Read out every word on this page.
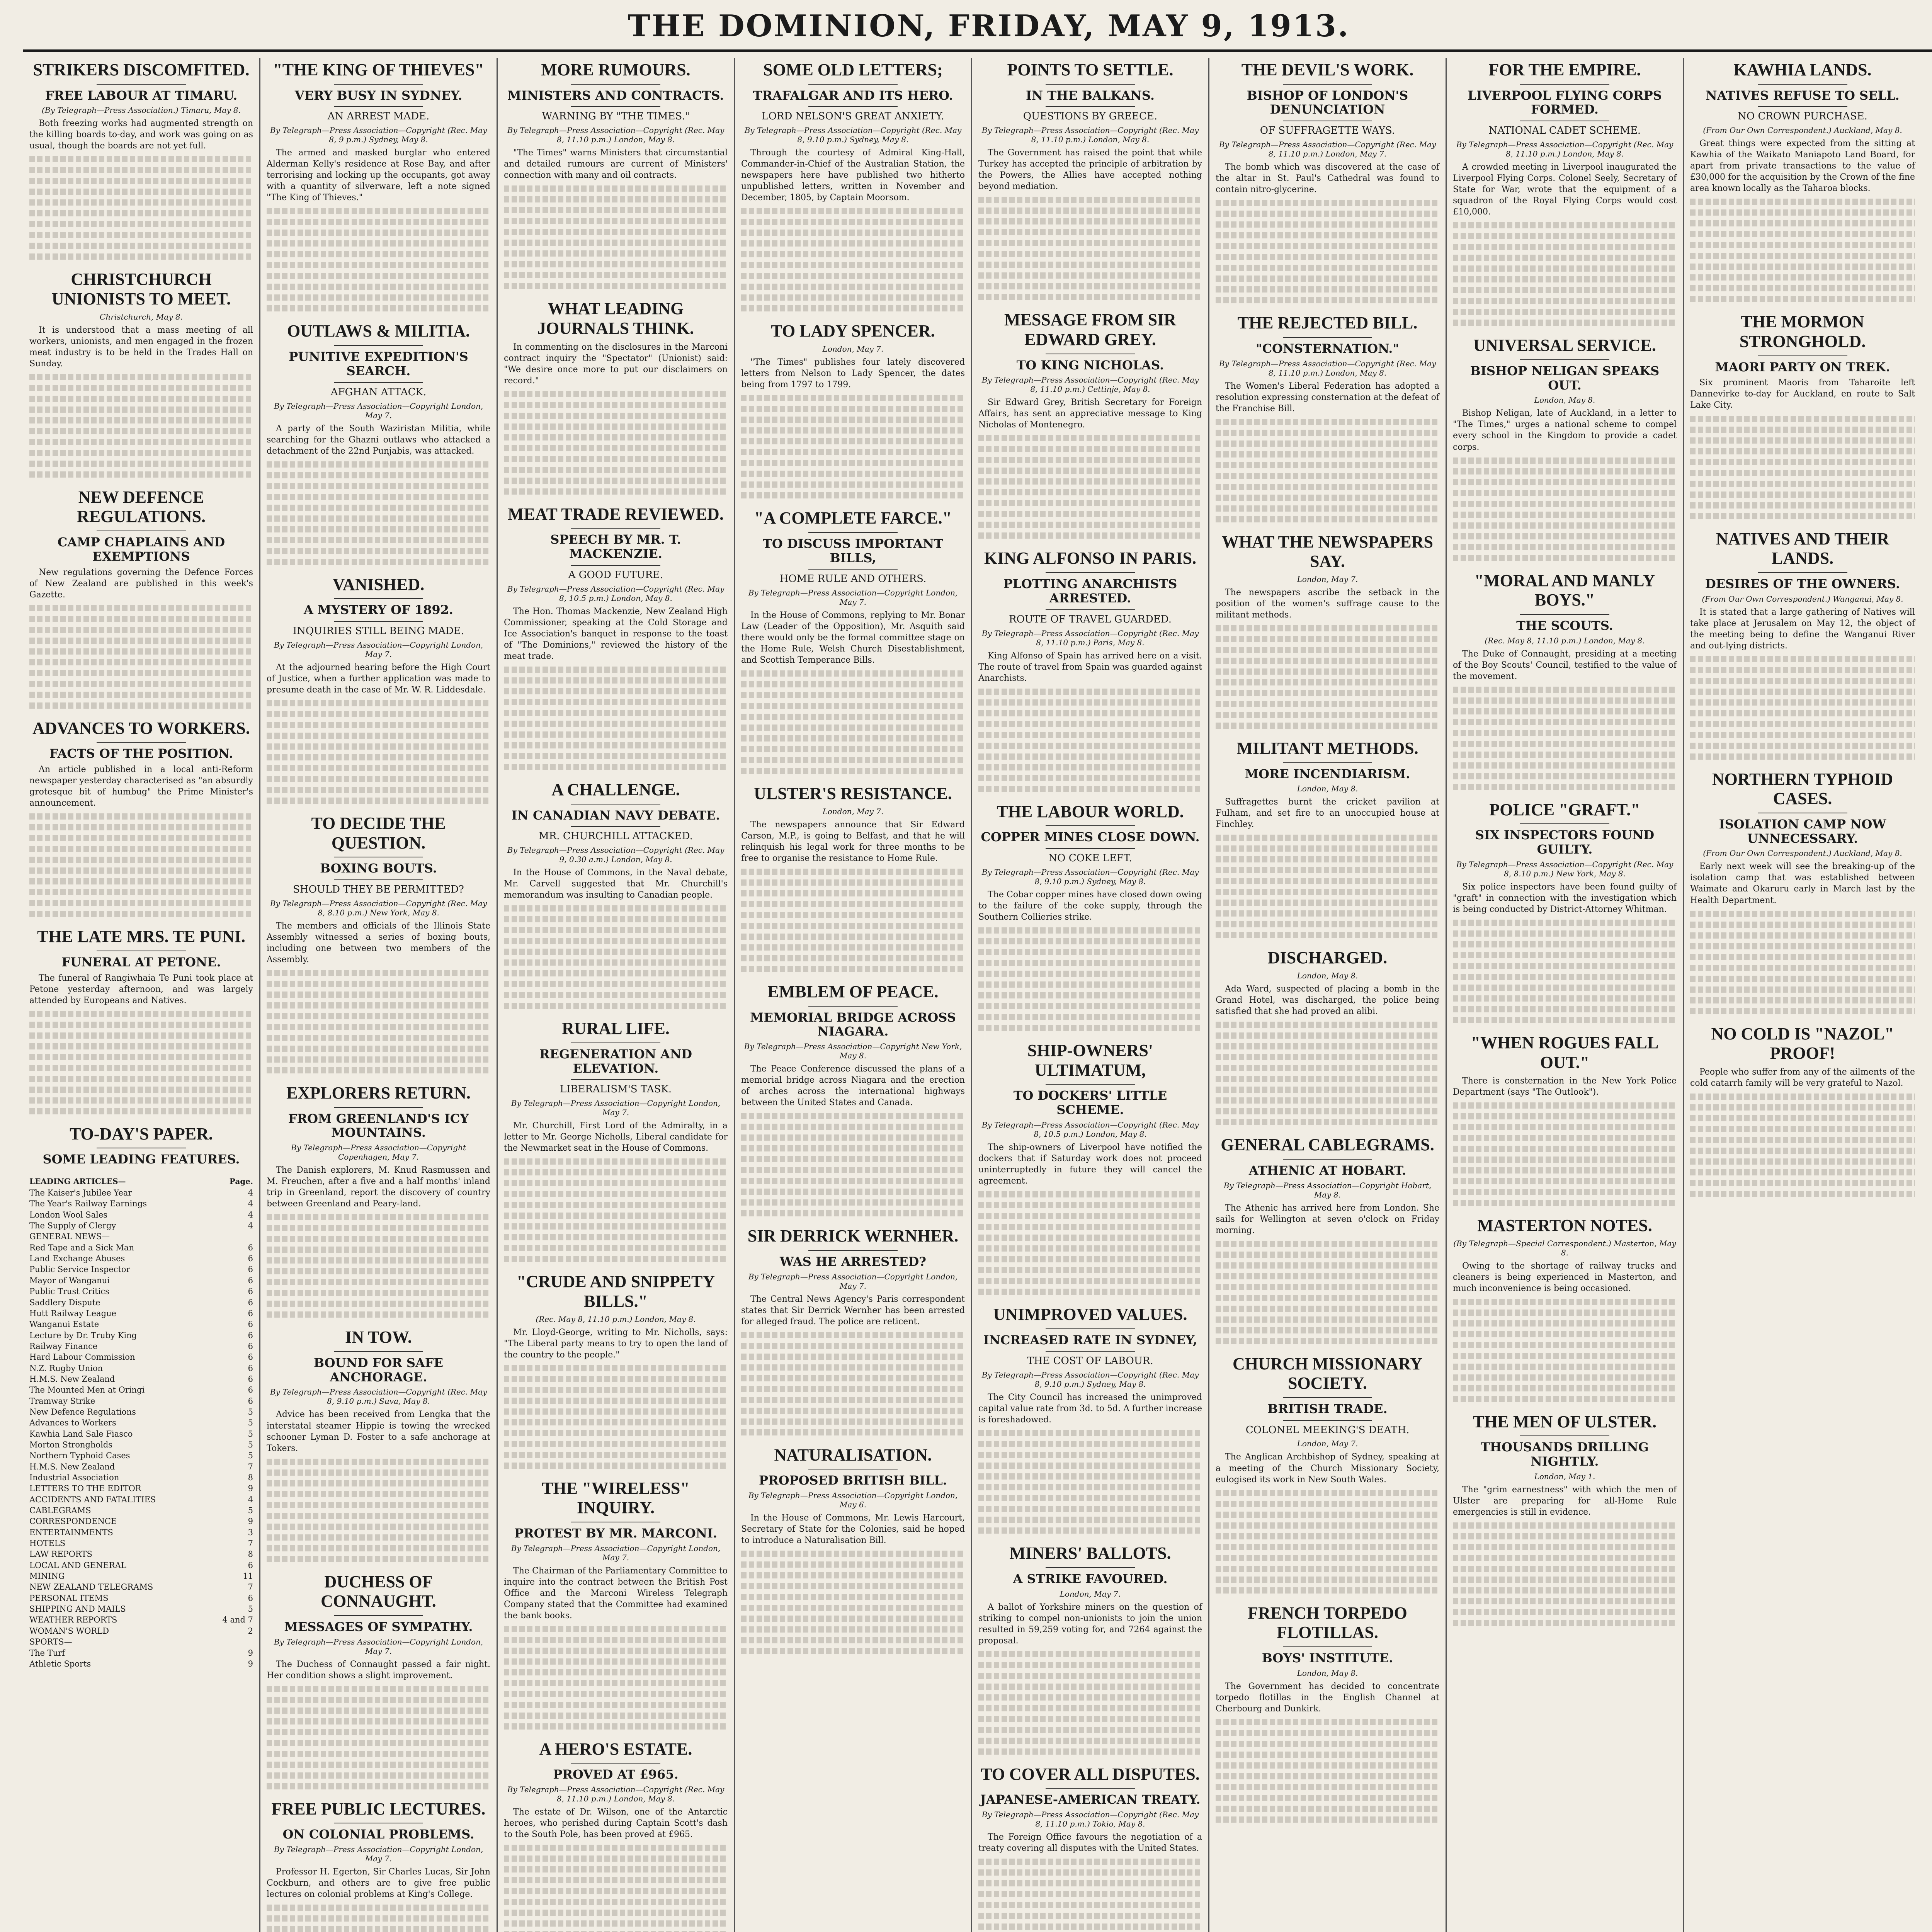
THE DOMINION, FRIDAY, MAY 9, 1913.
STRIKERS DISCOMFITED.
FREE LABOUR AT TIMARU.
(By Telegraph—Press Association.) Timaru, May 8.

Both freezing works had augmented strength on the killing boards to-day, and work was going on as usual, though the boards are not yet full.

CHRISTCHURCH UNIONISTS TO MEET.
Christchurch, May 8.

It is understood that a mass meeting of all workers, unionists, and men engaged in the frozen meat industry is to be held in the Trades Hall on Sunday.

NEW DEFENCE REGULATIONS.
CAMP CHAPLAINS AND EXEMPTIONS

New regulations governing the Defence Forces of New Zealand are published in this week's Gazette.

ADVANCES TO WORKERS.
FACTS OF THE POSITION.

An article published in a local anti-Reform newspaper yesterday characterised as "an absurdly grotesque bit of humbug" the Prime Minister's announcement.

THE LATE MRS. TE PUNI.
FUNERAL AT PETONE.

The funeral of Rangiwhaia Te Puni took place at Petone yesterday afternoon, and was largely attended by Europeans and Natives.

TO-DAY'S PAPER.
SOME LEADING FEATURES.
LEADING ARTICLES—	Page.
The Kaiser's Jubilee Year	4
The Year's Railway Earnings	4
London Wool Sales	4
The Supply of Clergy	4
GENERAL NEWS—
Red Tape and a Sick Man	6
Land Exchange Abuses	6
Public Service Inspector	6
Mayor of Wanganui	6
Public Trust Critics	6
Saddlery Dispute	6
Hutt Railway League	6
Wanganui Estate	6
Lecture by Dr. Truby King	6
Railway Finance	6
Hard Labour Commission	6
N.Z. Rugby Union	6
H.M.S. New Zealand	6
The Mounted Men at Oringi	6
Tramway Strike	6
New Defence Regulations	5
Advances to Workers	5
Kawhia Land Sale Fiasco	5
Morton Strongholds	5
Northern Typhoid Cases	5
H.M.S. New Zealand	7
Industrial Association	8
LETTERS TO THE EDITOR	9
ACCIDENTS AND FATALITIES	4
CABLEGRAMS	5
CORRESPONDENCE	9
ENTERTAINMENTS	3
HOTELS	7
LAW REPORTS	8
LOCAL AND GENERAL	6
MINING	11
NEW ZEALAND TELEGRAMS	7
PERSONAL ITEMS	6
SHIPPING AND MAILS	5
WEATHER REPORTS	4 and 7
WOMAN'S WORLD	2
SPORTS—
The Turf	9
Athletic Sports	9
"THE KING OF THIEVES"
VERY BUSY IN SYDNEY.
AN ARREST MADE.
By Telegraph—Press Association—Copyright (Rec. May 8, 9 p.m.) Sydney, May 8.

The armed and masked burglar who entered Alderman Kelly's residence at Rose Bay, and after terrorising and locking up the occupants, got away with a quantity of silverware, left a note signed "The King of Thieves."

OUTLAWS & MILITIA.
PUNITIVE EXPEDITION'S SEARCH.
AFGHAN ATTACK.
By Telegraph—Press Association—Copyright London, May 7.

A party of the South Waziristan Militia, while searching for the Ghazni outlaws who attacked a detachment of the 22nd Punjabis, was attacked.

VANISHED.
A MYSTERY OF 1892.
INQUIRIES STILL BEING MADE.
By Telegraph—Press Association—Copyright London, May 7.

At the adjourned hearing before the High Court of Justice, when a further application was made to presume death in the case of Mr. W. R. Liddesdale.

TO DECIDE THE QUESTION.
BOXING BOUTS.
SHOULD THEY BE PERMITTED?
By Telegraph—Press Association—Copyright (Rec. May 8, 8.10 p.m.) New York, May 8.

The members and officials of the Illinois State Assembly witnessed a series of boxing bouts, including one between two members of the Assembly.

EXPLORERS RETURN.
FROM GREENLAND'S ICY MOUNTAINS.
By Telegraph—Press Association—Copyright Copenhagen, May 7.

The Danish explorers, M. Knud Rasmussen and M. Freuchen, after a five and a half months' inland trip in Greenland, report the discovery of country between Greenland and Peary-land.

IN TOW.
BOUND FOR SAFE ANCHORAGE.
By Telegraph—Press Association—Copyright (Rec. May 8, 9.10 p.m.) Suva, May 8.

Advice has been received from Lengka that the interstatal steamer Hippie is towing the wrecked schooner Lyman D. Foster to a safe anchorage at Tokers.

DUCHESS OF CONNAUGHT.
MESSAGES OF SYMPATHY.
By Telegraph—Press Association—Copyright London, May 7.

The Duchess of Connaught passed a fair night. Her condition shows a slight improvement.

FREE PUBLIC LECTURES.
ON COLONIAL PROBLEMS.
By Telegraph—Press Association—Copyright London, May 7.

Professor H. Egerton, Sir Charles Lucas, Sir John Cockburn, and others are to give free public lectures on colonial problems at King's College.

MORE RUMOURS.
MINISTERS AND CONTRACTS.
WARNING BY "THE TIMES."
By Telegraph—Press Association—Copyright (Rec. May 8, 11.10 p.m.) London, May 8.

"The Times" warns Ministers that circumstantial and detailed rumours are current of Ministers' connection with many and oil contracts.

WHAT LEADING JOURNALS THINK.

In commenting on the disclosures in the Marconi contract inquiry the "Spectator" (Unionist) said: "We desire once more to put our disclaimers on record."

MEAT TRADE REVIEWED.
SPEECH BY MR. T. MACKENZIE.
A GOOD FUTURE.
By Telegraph—Press Association—Copyright (Rec. May 8, 10.5 p.m.) London, May 8.

The Hon. Thomas Mackenzie, New Zealand High Commissioner, speaking at the Cold Storage and Ice Association's banquet in response to the toast of "The Dominions," reviewed the history of the meat trade.

A CHALLENGE.
IN CANADIAN NAVY DEBATE.
MR. CHURCHILL ATTACKED.
By Telegraph—Press Association—Copyright (Rec. May 9, 0.30 a.m.) London, May 8.

In the House of Commons, in the Naval debate, Mr. Carvell suggested that Mr. Churchill's memorandum was insulting to Canadian people.

RURAL LIFE.
REGENERATION AND ELEVATION.
LIBERALISM'S TASK.
By Telegraph—Press Association—Copyright London, May 7.

Mr. Churchill, First Lord of the Admiralty, in a letter to Mr. George Nicholls, Liberal candidate for the Newmarket seat in the House of Commons.

"CRUDE AND SNIPPETY BILLS."
(Rec. May 8, 11.10 p.m.) London, May 8.

Mr. Lloyd-George, writing to Mr. Nicholls, says: "The Liberal party means to try to open the land of the country to the people."

THE "WIRELESS" INQUIRY.
PROTEST BY MR. MARCONI.
By Telegraph—Press Association—Copyright London, May 7.

The Chairman of the Parliamentary Committee to inquire into the contract between the British Post Office and the Marconi Wireless Telegraph Company stated that the Committee had examined the bank books.

A HERO'S ESTATE.
PROVED AT £965.
By Telegraph—Press Association—Copyright (Rec. May 8, 11.10 p.m.) London, May 8.

The estate of Dr. Wilson, one of the Antarctic heroes, who perished during Captain Scott's dash to the South Pole, has been proved at £965.

SOME OLD LETTERS;
TRAFALGAR AND ITS HERO.
LORD NELSON'S GREAT ANXIETY.
By Telegraph—Press Association—Copyright (Rec. May 8, 9.10 p.m.) Sydney, May 8.

Through the courtesy of Admiral King-Hall, Commander-in-Chief of the Australian Station, the newspapers here have published two hitherto unpublished letters, written in November and December, 1805, by Captain Moorsom.

TO LADY SPENCER.
London, May 7.

"The Times" publishes four lately discovered letters from Nelson to Lady Spencer, the dates being from 1797 to 1799.

"A COMPLETE FARCE."
TO DISCUSS IMPORTANT BILLS,
HOME RULE AND OTHERS.
By Telegraph—Press Association—Copyright London, May 7.

In the House of Commons, replying to Mr. Bonar Law (Leader of the Opposition), Mr. Asquith said there would only be the formal committee stage on the Home Rule, Welsh Church Disestablishment, and Scottish Temperance Bills.

ULSTER'S RESISTANCE.
London, May 7.

The newspapers announce that Sir Edward Carson, M.P., is going to Belfast, and that he will relinquish his legal work for three months to be free to organise the resistance to Home Rule.

EMBLEM OF PEACE.
MEMORIAL BRIDGE ACROSS NIAGARA.
By Telegraph—Press Association—Copyright New York, May 8.

The Peace Conference discussed the plans of a memorial bridge across Niagara and the erection of arches across the international highways between the United States and Canada.

SIR DERRICK WERNHER.
WAS HE ARRESTED?
By Telegraph—Press Association—Copyright London, May 7.

The Central News Agency's Paris correspondent states that Sir Derrick Wernher has been arrested for alleged fraud. The police are reticent.

NATURALISATION.
PROPOSED BRITISH BILL.
By Telegraph—Press Association—Copyright London, May 6.

In the House of Commons, Mr. Lewis Harcourt, Secretary of State for the Colonies, said he hoped to introduce a Naturalisation Bill.

POINTS TO SETTLE.
IN THE BALKANS.
QUESTIONS BY GREECE.
By Telegraph—Press Association—Copyright (Rec. May 8, 11.10 p.m.) London, May 8.

The Government has raised the point that while Turkey has accepted the principle of arbitration by the Powers, the Allies have accepted nothing beyond mediation.

MESSAGE FROM SIR EDWARD GREY.
TO KING NICHOLAS.
By Telegraph—Press Association—Copyright (Rec. May 8, 11.10 p.m.) Cettinje, May 8.

Sir Edward Grey, British Secretary for Foreign Affairs, has sent an appreciative message to King Nicholas of Montenegro.

KING ALFONSO IN PARIS.
PLOTTING ANARCHISTS ARRESTED.
ROUTE OF TRAVEL GUARDED.
By Telegraph—Press Association—Copyright (Rec. May 8, 11.10 p.m.) Paris, May 8.

King Alfonso of Spain has arrived here on a visit. The route of travel from Spain was guarded against Anarchists.

THE LABOUR WORLD.
COPPER MINES CLOSE DOWN.
NO COKE LEFT.
By Telegraph—Press Association—Copyright (Rec. May 8, 9.10 p.m.) Sydney, May 8.

The Cobar copper mines have closed down owing to the failure of the coke supply, through the Southern Collieries strike.

SHIP-OWNERS' ULTIMATUM,
TO DOCKERS' LITTLE SCHEME.
By Telegraph—Press Association—Copyright (Rec. May 8, 10.5 p.m.) London, May 8.

The ship-owners of Liverpool have notified the dockers that if Saturday work does not proceed uninterruptedly in future they will cancel the agreement.

UNIMPROVED VALUES.
INCREASED RATE IN SYDNEY,
THE COST OF LABOUR.
By Telegraph—Press Association—Copyright (Rec. May 8, 9.10 p.m.) Sydney, May 8.

The City Council has increased the unimproved capital value rate from 3d. to 5d. A further increase is foreshadowed.

MINERS' BALLOTS.
A STRIKE FAVOURED.
London, May 7.

A ballot of Yorkshire miners on the question of striking to compel non-unionists to join the union resulted in 59,259 voting for, and 7264 against the proposal.

TO COVER ALL DISPUTES.
JAPANESE-AMERICAN TREATY.
By Telegraph—Press Association—Copyright (Rec. May 8, 11.10 p.m.) Tokio, May 8.

The Foreign Office favours the negotiation of a treaty covering all disputes with the United States.

THE DEVIL'S WORK.
BISHOP OF LONDON'S DENUNCIATION
OF SUFFRAGETTE WAYS.
By Telegraph—Press Association—Copyright (Rec. May 8, 11.10 p.m.) London, May 7.

The bomb which was discovered at the case of the altar in St. Paul's Cathedral was found to contain nitro-glycerine.

THE REJECTED BILL.
"CONSTERNATION."
By Telegraph—Press Association—Copyright (Rec. May 8, 11.10 p.m.) London, May 8.

The Women's Liberal Federation has adopted a resolution expressing consternation at the defeat of the Franchise Bill.

WHAT THE NEWSPAPERS SAY.
London, May 7.

The newspapers ascribe the setback in the position of the women's suffrage cause to the militant methods.

MILITANT METHODS.
MORE INCENDIARISM.
London, May 8.

Suffragettes burnt the cricket pavilion at Fulham, and set fire to an unoccupied house at Finchley.

DISCHARGED.
London, May 8.

Ada Ward, suspected of placing a bomb in the Grand Hotel, was discharged, the police being satisfied that she had proved an alibi.

GENERAL CABLEGRAMS.
ATHENIC AT HOBART.
By Telegraph—Press Association—Copyright Hobart, May 8.

The Athenic has arrived here from London. She sails for Wellington at seven o'clock on Friday morning.

CHURCH MISSIONARY SOCIETY.
BRITISH TRADE.
COLONEL MEEKING'S DEATH.
London, May 7.

The Anglican Archbishop of Sydney, speaking at a meeting of the Church Missionary Society, eulogised its work in New South Wales.

FRENCH TORPEDO FLOTILLAS.
BOYS' INSTITUTE.
London, May 8.

The Government has decided to concentrate torpedo flotillas in the English Channel at Cherbourg and Dunkirk.

FOR THE EMPIRE.
LIVERPOOL FLYING CORPS FORMED.
NATIONAL CADET SCHEME.
By Telegraph—Press Association—Copyright (Rec. May 8, 11.10 p.m.) London, May 8.

A crowded meeting in Liverpool inaugurated the Liverpool Flying Corps. Colonel Seely, Secretary of State for War, wrote that the equipment of a squadron of the Royal Flying Corps would cost £10,000.

UNIVERSAL SERVICE.
BISHOP NELIGAN SPEAKS OUT.
London, May 8.

Bishop Neligan, late of Auckland, in a letter to "The Times," urges a national scheme to compel every school in the Kingdom to provide a cadet corps.

"MORAL AND MANLY BOYS."
THE SCOUTS.
(Rec. May 8, 11.10 p.m.) London, May 8.

The Duke of Connaught, presiding at a meeting of the Boy Scouts' Council, testified to the value of the movement.

POLICE "GRAFT."
SIX INSPECTORS FOUND GUILTY.
By Telegraph—Press Association—Copyright (Rec. May 8, 8.10 p.m.) New York, May 8.

Six police inspectors have been found guilty of "graft" in connection with the investigation which is being conducted by District-Attorney Whitman.

"WHEN ROGUES FALL OUT."

There is consternation in the New York Police Department (says "The Outlook").

MASTERTON NOTES.
(By Telegraph—Special Correspondent.) Masterton, May 8.

Owing to the shortage of railway trucks and cleaners is being experienced in Masterton, and much inconvenience is being occasioned.

THE MEN OF ULSTER.
THOUSANDS DRILLING NIGHTLY.
London, May 1.

The "grim earnestness" with which the men of Ulster are preparing for all-Home Rule emergencies is still in evidence.

KAWHIA LANDS.
NATIVES REFUSE TO SELL.
NO CROWN PURCHASE.
(From Our Own Correspondent.) Auckland, May 8.

Great things were expected from the sitting at Kawhia of the Waikato Maniapoto Land Board, for apart from private transactions to the value of £30,000 for the acquisition by the Crown of the fine area known locally as the Taharoa blocks.

THE MORMON STRONGHOLD.
MAORI PARTY ON TREK.

Six prominent Maoris from Taharoite left Dannevirke to-day for Auckland, en route to Salt Lake City.

NATIVES AND THEIR LANDS.
DESIRES OF THE OWNERS.
(From Our Own Correspondent.) Wanganui, May 8.

It is stated that a large gathering of Natives will take place at Jerusalem on May 12, the object of the meeting being to define the Wanganui River and out-lying districts.

NORTHERN TYPHOID CASES.
ISOLATION CAMP NOW UNNECESSARY.
(From Our Own Correspondent.) Auckland, May 8.

Early next week will see the breaking-up of the isolation camp that was established between Waimate and Okaruru early in March last by the Health Department.

NO COLD IS "NAZOL" PROOF!

People who suffer from any of the ailments of the cold catarrh family will be very grateful to Nazol.
